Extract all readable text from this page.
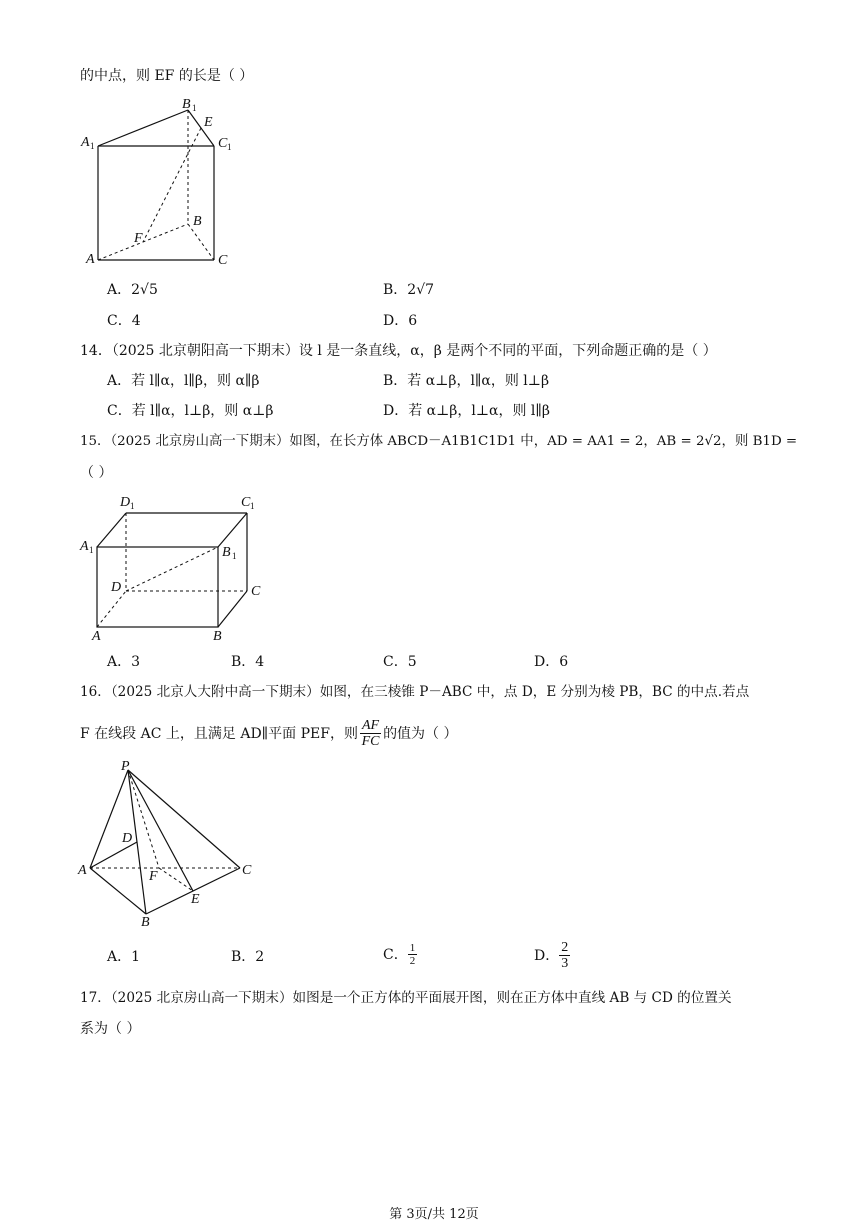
的中点，则 EF 的长是（ ）
B 1
E
A 1	C 1
B
F
A	C
A．2√5	B．2√7
C．4	D．6
14．（2025 北京朝阳高一下期末）设 l 是一条直线，α，β 是两个不同的平面，下列命题正确的是（ ）
A．若 l∥α，l∥β，则 α∥β	B．若 α⊥β，l∥α，则 l⊥β
C．若 l∥α，l⊥β，则 α⊥β	D．若 α⊥β，l⊥α，则 l∥β
15．（2025 北京房山高一下期末）如图，在长方体 ABCD－A1B1C1D1 中，AD = AA1 = 2，AB = 2√2，则 B1D =
（ ）
D 1	C 1
A 1	B 1
D	C
A	B
A．3	B．4	C．5	D．6
16．（2025 北京人大附中高一下期末）如图，在三棱锥 P－ABC 中，点 D，E 分别为棱 PB，BC 的中点.若点
F 在线段 AC 上，且满足 AD∥平面 PEF，则 $\frac{AF}{FC}$ 的值为（ ）
P
D
A	F	C
E
B
A．1	B．2	C． $\frac{1}{2}$	D． $\frac{2}{3}$
17．（2025 北京房山高一下期末）如图是一个正方体的平面展开图，则在正方体中直线 AB 与 CD 的位置关
系为（ ）
第 3页/共 12页
